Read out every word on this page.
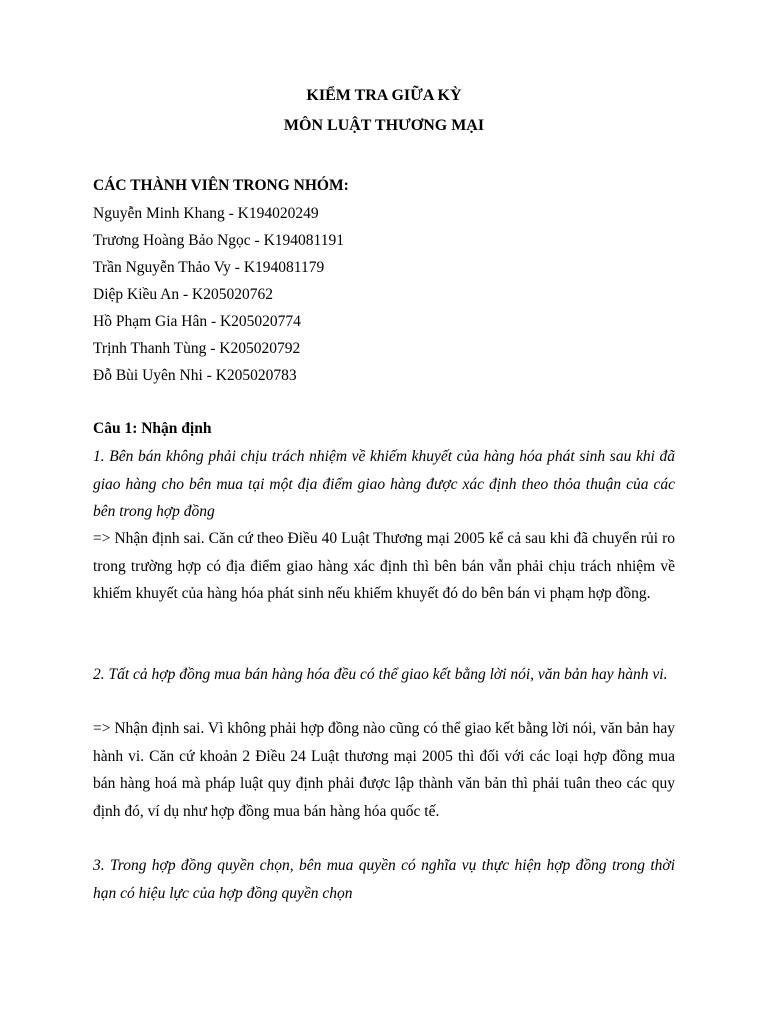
KIỂM TRA GIỮA KỲ
MÔN LUẬT THƯƠNG MẠI
CÁC THÀNH VIÊN TRONG NHÓM:
Nguyễn Minh Khang - K194020249
Trương Hoàng Bảo Ngọc - K194081191
Trần Nguyễn Thảo Vy - K194081179
Diệp Kiều An - K205020762
Hồ Phạm Gia Hân - K205020774
Trịnh Thanh Tùng - K205020792
Đỗ Bùi Uyên Nhi - K205020783
Câu 1: Nhận định
1. Bên bán không phải chịu trách nhiệm về khiếm khuyết của hàng hóa phát sinh sau khi đã giao hàng cho bên mua tại một địa điểm giao hàng được xác định theo thỏa thuận của các bên trong hợp đồng
=> Nhận định sai. Căn cứ theo Điều 40 Luật Thương mại 2005 kể cả sau khi đã chuyển rủi ro trong trường hợp có địa điểm giao hàng xác định thì bên bán vẫn phải chịu trách nhiệm về khiếm khuyết của hàng hóa phát sinh nếu khiếm khuyết đó do bên bán vi phạm hợp đồng.
2. Tất cả hợp đồng mua bán hàng hóa đều có thể giao kết bằng lời nói, văn bản hay hành vi.
=> Nhận định sai. Vì không phải hợp đồng nào cũng có thể giao kết bằng lời nói, văn bản hay hành vi. Căn cứ khoản 2 Điều 24 Luật thương mại 2005 thì đối với các loại hợp đồng mua bán hàng hoá mà pháp luật quy định phải được lập thành văn bản thì phải tuân theo các quy định đó, ví dụ như hợp đồng mua bán hàng hóa quốc tế.
3. Trong hợp đồng quyền chọn, bên mua quyền có nghĩa vụ thực hiện hợp đồng trong thời hạn có hiệu lực của hợp đồng quyền chọn
